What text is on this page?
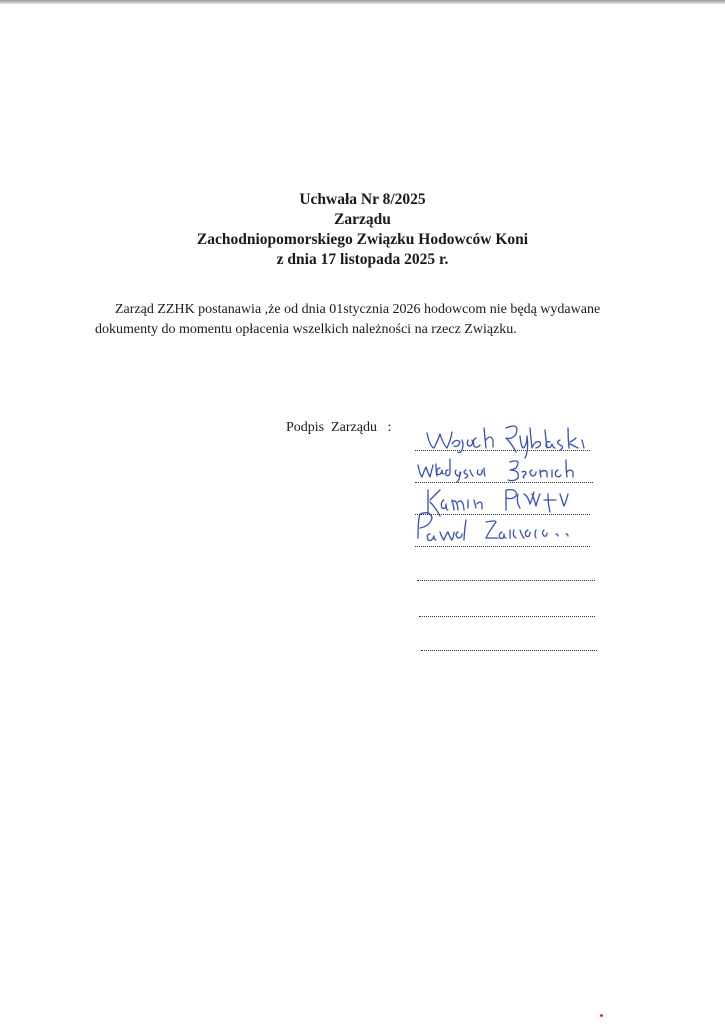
Uchwała Nr 8/2025
Zarządu
Zachodniopomorskiego Związku Hodowców Koni
z dnia 17 listopada 2025 r.
Zarząd ZZHK postanawia ,że od dnia 01stycznia 2026 hodowcom nie będą wydawane
dokumenty do momentu opłacenia wszelkich należności na rzecz Związku.
Podpis  Zarządu   :
